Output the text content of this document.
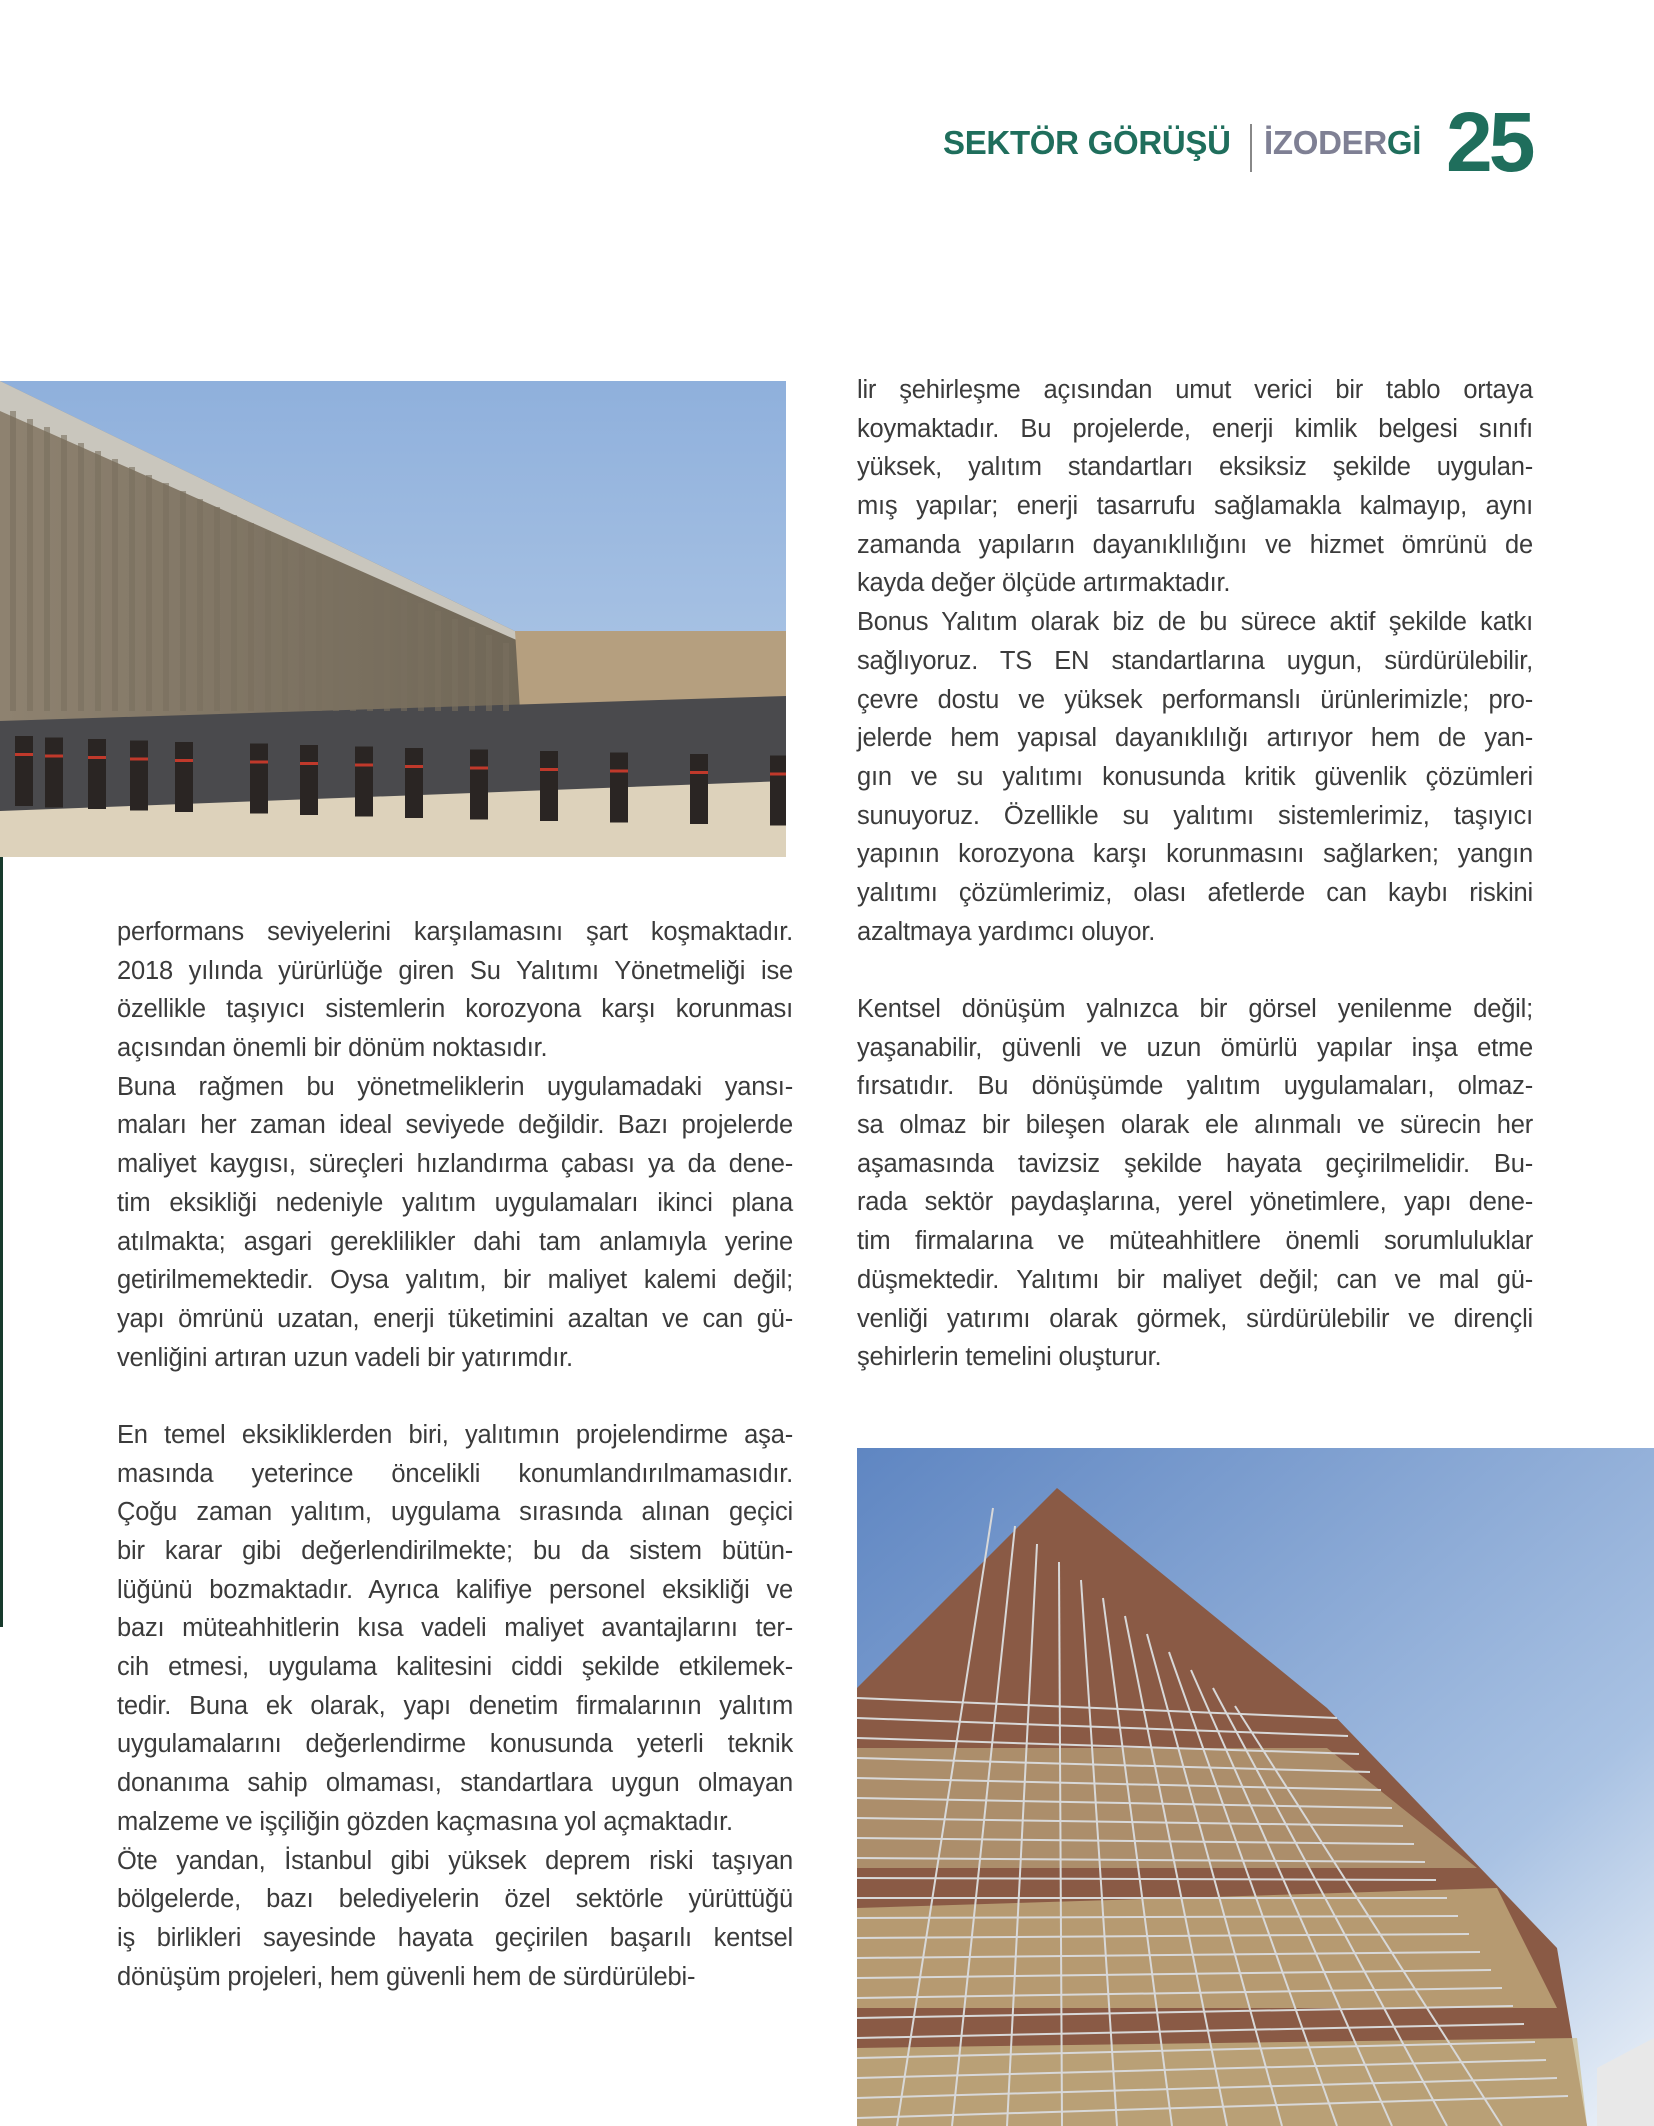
SEKTÖR GÖRÜŞÜ İZODERGİ 25
performans seviyelerini karşılamasını şart koşmaktadır.
2018 yılında yürürlüğe giren Su Yalıtımı Yönetmeliği ise
özellikle taşıyıcı sistemlerin korozyona karşı korunması
açısından önemli bir dönüm noktasıdır.
Buna rağmen bu yönetmeliklerin uygulamadaki yansı-
maları her zaman ideal seviyede değildir. Bazı projelerde
maliyet kaygısı, süreçleri hızlandırma çabası ya da dene-
tim eksikliği nedeniyle yalıtım uygulamaları ikinci plana
atılmakta; asgari gereklilikler dahi tam anlamıyla yerine
getirilmemektedir. Oysa yalıtım, bir maliyet kalemi değil;
yapı ömrünü uzatan, enerji tüketimini azaltan ve can gü-
venliğini artıran uzun vadeli bir yatırımdır.
En temel eksikliklerden biri, yalıtımın projelendirme aşa-
masında yeterince öncelikli konumlandırılmamasıdır.
Çoğu zaman yalıtım, uygulama sırasında alınan geçici
bir karar gibi değerlendirilmekte; bu da sistem bütün-
lüğünü bozmaktadır. Ayrıca kalifiye personel eksikliği ve
bazı müteahhitlerin kısa vadeli maliyet avantajlarını ter-
cih etmesi, uygulama kalitesini ciddi şekilde etkilemek-
tedir. Buna ek olarak, yapı denetim firmalarının yalıtım
uygulamalarını değerlendirme konusunda yeterli teknik
donanıma sahip olmaması, standartlara uygun olmayan
malzeme ve işçiliğin gözden kaçmasına yol açmaktadır.
Öte yandan, İstanbul gibi yüksek deprem riski taşıyan
bölgelerde, bazı belediyelerin özel sektörle yürüttüğü
iş birlikleri sayesinde hayata geçirilen başarılı kentsel
dönüşüm projeleri, hem güvenli hem de sürdürülebi-
lir şehirleşme açısından umut verici bir tablo ortaya
koymaktadır. Bu projelerde, enerji kimlik belgesi sınıfı
yüksek, yalıtım standartları eksiksiz şekilde uygulan-
mış yapılar; enerji tasarrufu sağlamakla kalmayıp, aynı
zamanda yapıların dayanıklılığını ve hizmet ömrünü de
kayda değer ölçüde artırmaktadır.
Bonus Yalıtım olarak biz de bu sürece aktif şekilde katkı
sağlıyoruz. TS EN standartlarına uygun, sürdürülebilir,
çevre dostu ve yüksek performanslı ürünlerimizle; pro-
jelerde hem yapısal dayanıklılığı artırıyor hem de yan-
gın ve su yalıtımı konusunda kritik güvenlik çözümleri
sunuyoruz. Özellikle su yalıtımı sistemlerimiz, taşıyıcı
yapının korozyona karşı korunmasını sağlarken; yangın
yalıtımı çözümlerimiz, olası afetlerde can kaybı riskini
azaltmaya yardımcı oluyor.
Kentsel dönüşüm yalnızca bir görsel yenilenme değil;
yaşanabilir, güvenli ve uzun ömürlü yapılar inşa etme
fırsatıdır. Bu dönüşümde yalıtım uygulamaları, olmaz-
sa olmaz bir bileşen olarak ele alınmalı ve sürecin her
aşamasında tavizsiz şekilde hayata geçirilmelidir. Bu-
rada sektör paydaşlarına, yerel yönetimlere, yapı dene-
tim firmalarına ve müteahhitlere önemli sorumluluklar
düşmektedir. Yalıtımı bir maliyet değil; can ve mal gü-
venliği yatırımı olarak görmek, sürdürülebilir ve dirençli
şehirlerin temelini oluşturur.
